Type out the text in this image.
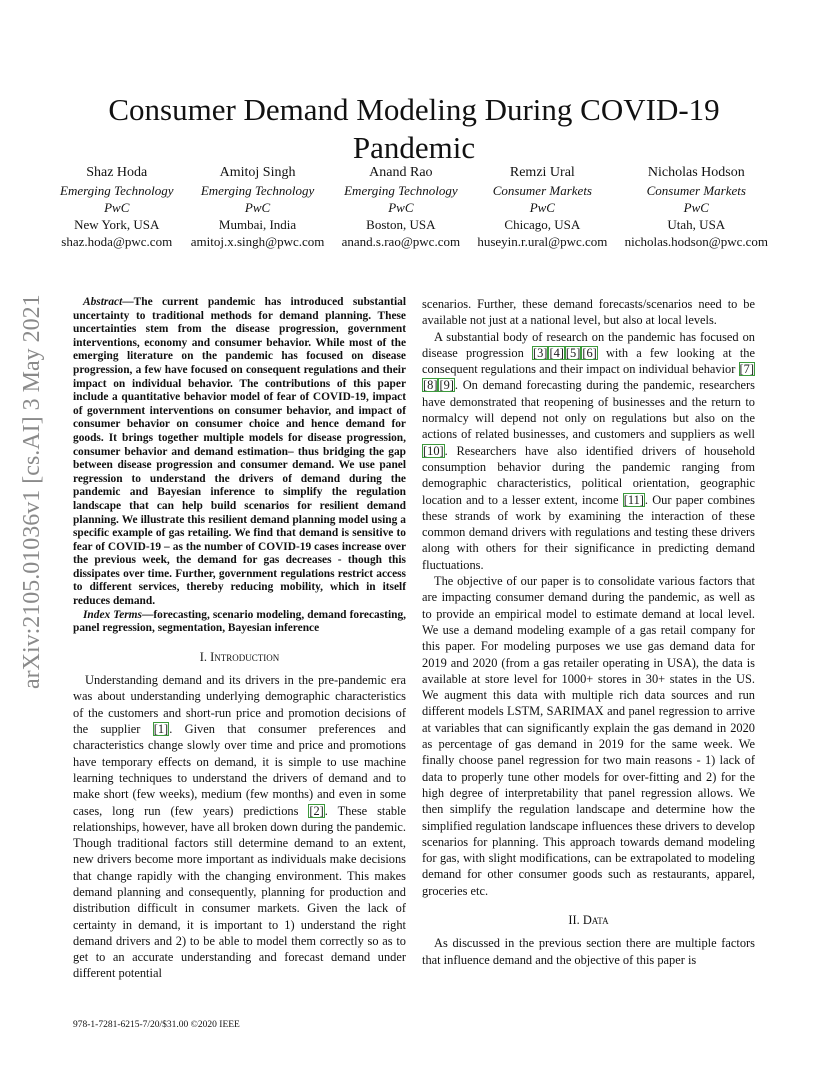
Consumer Demand Modeling During COVID-19 Pandemic
Shaz Hoda
Emerging Technology
PwC
New York, USA
shaz.hoda@pwc.com
Amitoj Singh
Emerging Technology
PwC
Mumbai, India
amitoj.x.singh@pwc.com
Anand Rao
Emerging Technology
PwC
Boston, USA
anand.s.rao@pwc.com
Remzi Ural
Consumer Markets
PwC
Chicago, USA
huseyin.r.ural@pwc.com
Nicholas Hodson
Consumer Markets
PwC
Utah, USA
nicholas.hodson@pwc.com
arXiv:2105.01036v1 [cs.AI] 3 May 2021	Abstract—The current pandemic has introduced substantial uncertainty to traditional methods for demand planning. These uncertainties stem from the disease progression, government interventions, economy and consumer behavior. While most of the emerging literature on the pandemic has focused on disease progression, a few have focused on consequent regulations and their impact on individual behavior. The contributions of this paper include a quantitative behavior model of fear of COVID-19, impact of government interventions on consumer behavior, and impact of consumer behavior on consumer choice and hence demand for goods. It brings together multiple models for disease progression, consumer behavior and demand estimation– thus bridging the gap between disease progression and consumer demand. We use panel regression to understand the drivers of demand during the pandemic and Bayesian inference to simplify the regulation landscape that can help build scenarios for resilient demand planning. We illustrate this resilient demand planning model using a specific example of gas retailing. We find that demand is sensitive to fear of COVID-19 – as the number of COVID-19 cases increase over the previous week, the demand for gas decreases - though this dissipates over time. Further, government regulations restrict access to different services, thereby reducing mobility, which in itself reduces demand.

Index Terms—forecasting, scenario modeling, demand forecasting, panel regression, segmentation, Bayesian inference

I. Introduction

Understanding demand and its drivers in the pre-pandemic era was about understanding underlying demographic characteristics of the customers and short-run price and promotion decisions of the supplier [1]. Given that consumer preferences and characteristics change slowly over time and price and promotions have temporary effects on demand, it is simple to use machine learning techniques to understand the drivers of demand and to make short (few weeks), medium (few months) and even in some cases, long run (few years) predictions [2]. These stable relationships, however, have all broken down during the pandemic. Though traditional factors still determine demand to an extent, new drivers become more important as individuals make decisions that change rapidly with the changing environment. This makes demand planning and consequently, planning for production and distribution difficult in consumer markets. Given the lack of certainty in demand, it is important to 1) understand the right demand drivers and 2) to be able to model them correctly so as to get to an accurate understanding and forecast demand under different potential

scenarios. Further, these demand forecasts/scenarios need to be available not just at a national level, but also at local levels.

A substantial body of research on the pandemic has focused on disease progression [3] [4] [5] [6] with a few looking at the consequent regulations and their impact on individual behavior [7][8] [9]. On demand forecasting during the pandemic, researchers have demonstrated that reopening of businesses and the return to normalcy will depend not only on regulations but also on the actions of related businesses, and customers and suppliers as well [10]. Researchers have also identified drivers of household consumption behavior during the pandemic ranging from demographic characteristics, political orientation, geographic location and to a lesser extent, income [11]. Our paper combines these strands of work by examining the interaction of these common demand drivers with regulations and testing these drivers along with others for their significance in predicting demand fluctuations.

The objective of our paper is to consolidate various factors that are impacting consumer demand during the pandemic, as well as to provide an empirical model to estimate demand at local level. We use a demand modeling example of a gas retail company for this paper. For modeling purposes we use gas demand data for 2019 and 2020 (from a gas retailer operating in USA), the data is available at store level for 1000+ stores in 30+ states in the US. We augment this data with multiple rich data sources and run different models LSTM, SARIMAX and panel regression to arrive at variables that can significantly explain the gas demand in 2020 as percentage of gas demand in 2019 for the same week. We finally choose panel regression for two main reasons - 1) lack of data to properly tune other models for over-fitting and 2) for the high degree of interpretability that panel regression allows. We then simplify the regulation landscape and determine how the simplified regulation landscape influences these drivers to develop scenarios for planning. This approach towards demand modeling for gas, with slight modifications, can be extrapolated to modeling demand for other consumer goods such as restaurants, apparel, groceries etc.

II. Data

As discussed in the previous section there are multiple factors that influence demand and the objective of this paper is

978-1-7281-6215-7/20/$31.00 ©2020 IEEE
